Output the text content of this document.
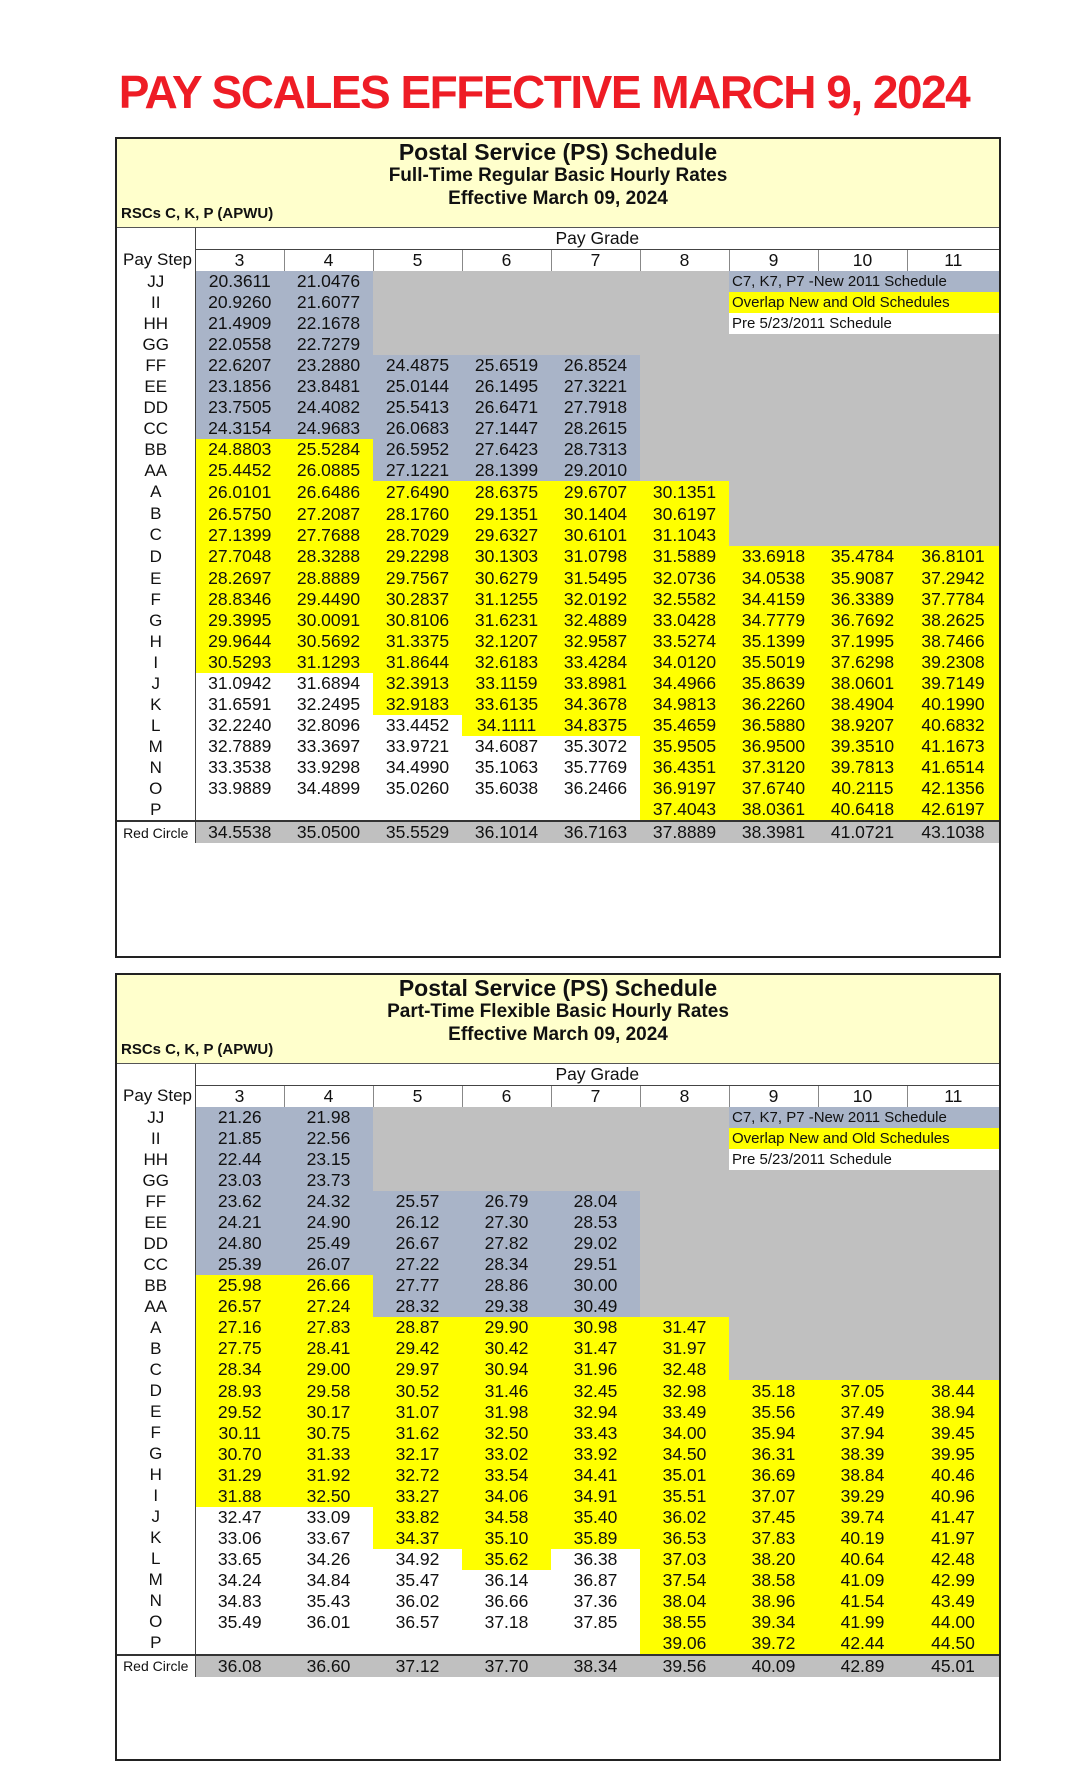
PAY SCALES EFFECTIVE MARCH 9, 2024
Postal Service (PS) Schedule
Full-Time Regular Basic Hourly Rates
Effective March 09, 2024
RSCs C, K, P (APWU)
	Pay Grade								
Pay Step	3	4	5	6	7	8	9	10	11
JJ	20.3611	21.0476					C7, K7, P7 -New 2011 Schedule		
II	20.9260	21.6077					Overlap New and Old Schedules		
HH	21.4909	22.1678					Pre 5/23/2011 Schedule		
GG	22.0558	22.7279							
FF	22.6207	23.2880	24.4875	25.6519	26.8524				
EE	23.1856	23.8481	25.0144	26.1495	27.3221				
DD	23.7505	24.4082	25.5413	26.6471	27.7918				
CC	24.3154	24.9683	26.0683	27.1447	28.2615				
BB	24.8803	25.5284	26.5952	27.6423	28.7313				
AA	25.4452	26.0885	27.1221	28.1399	29.2010				
A	26.0101	26.6486	27.6490	28.6375	29.6707	30.1351			
B	26.5750	27.2087	28.1760	29.1351	30.1404	30.6197			
C	27.1399	27.7688	28.7029	29.6327	30.6101	31.1043			
D	27.7048	28.3288	29.2298	30.1303	31.0798	31.5889	33.6918	35.4784	36.8101
E	28.2697	28.8889	29.7567	30.6279	31.5495	32.0736	34.0538	35.9087	37.2942
F	28.8346	29.4490	30.2837	31.1255	32.0192	32.5582	34.4159	36.3389	37.7784
G	29.3995	30.0091	30.8106	31.6231	32.4889	33.0428	34.7779	36.7692	38.2625
H	29.9644	30.5692	31.3375	32.1207	32.9587	33.5274	35.1399	37.1995	38.7466
I	30.5293	31.1293	31.8644	32.6183	33.4284	34.0120	35.5019	37.6298	39.2308
J	31.0942	31.6894	32.3913	33.1159	33.8981	34.4966	35.8639	38.0601	39.7149
K	31.6591	32.2495	32.9183	33.6135	34.3678	34.9813	36.2260	38.4904	40.1990
L	32.2240	32.8096	33.4452	34.1111	34.8375	35.4659	36.5880	38.9207	40.6832
M	32.7889	33.3697	33.9721	34.6087	35.3072	35.9505	36.9500	39.3510	41.1673
N	33.3538	33.9298	34.4990	35.1063	35.7769	36.4351	37.3120	39.7813	41.6514
O	33.9889	34.4899	35.0260	35.6038	36.2466	36.9197	37.6740	40.2115	42.1356
P						37.4043	38.0361	40.6418	42.6197
Red Circle	34.5538	35.0500	35.5529	36.1014	36.7163	37.8889	38.3981	41.0721	43.1038
Postal Service (PS) Schedule
Part-Time Flexible Basic Hourly Rates
Effective March 09, 2024
RSCs C, K, P (APWU)
	Pay Grade								
Pay Step	3	4	5	6	7	8	9	10	11
JJ	21.26	21.98					C7, K7, P7 -New 2011 Schedule		
II	21.85	22.56					Overlap New and Old Schedules		
HH	22.44	23.15					Pre 5/23/2011 Schedule		
GG	23.03	23.73							
FF	23.62	24.32	25.57	26.79	28.04				
EE	24.21	24.90	26.12	27.30	28.53				
DD	24.80	25.49	26.67	27.82	29.02				
CC	25.39	26.07	27.22	28.34	29.51				
BB	25.98	26.66	27.77	28.86	30.00				
AA	26.57	27.24	28.32	29.38	30.49				
A	27.16	27.83	28.87	29.90	30.98	31.47			
B	27.75	28.41	29.42	30.42	31.47	31.97			
C	28.34	29.00	29.97	30.94	31.96	32.48			
D	28.93	29.58	30.52	31.46	32.45	32.98	35.18	37.05	38.44
E	29.52	30.17	31.07	31.98	32.94	33.49	35.56	37.49	38.94
F	30.11	30.75	31.62	32.50	33.43	34.00	35.94	37.94	39.45
G	30.70	31.33	32.17	33.02	33.92	34.50	36.31	38.39	39.95
H	31.29	31.92	32.72	33.54	34.41	35.01	36.69	38.84	40.46
I	31.88	32.50	33.27	34.06	34.91	35.51	37.07	39.29	40.96
J	32.47	33.09	33.82	34.58	35.40	36.02	37.45	39.74	41.47
K	33.06	33.67	34.37	35.10	35.89	36.53	37.83	40.19	41.97
L	33.65	34.26	34.92	35.62	36.38	37.03	38.20	40.64	42.48
M	34.24	34.84	35.47	36.14	36.87	37.54	38.58	41.09	42.99
N	34.83	35.43	36.02	36.66	37.36	38.04	38.96	41.54	43.49
O	35.49	36.01	36.57	37.18	37.85	38.55	39.34	41.99	44.00
P						39.06	39.72	42.44	44.50
Red Circle	36.08	36.60	37.12	37.70	38.34	39.56	40.09	42.89	45.01
